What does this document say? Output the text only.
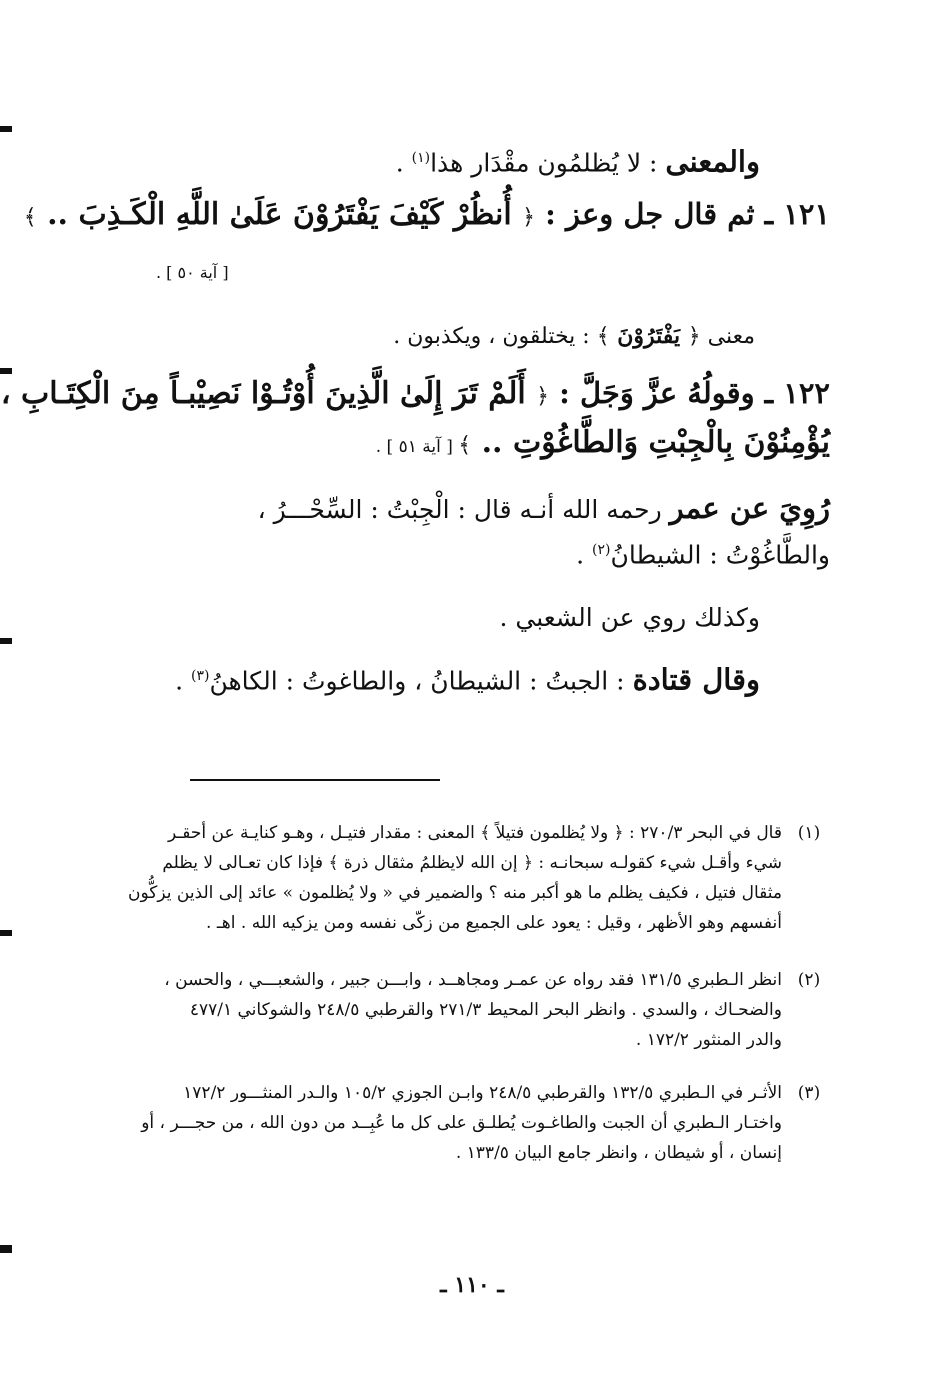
والمعنى : لا يُظلمُون مقْدَار هذا$^{(١)}$ .
١٢١ ـ ثم قال جل وعز : ﴿ أُنظُرْ كَيْفَ يَفْتَرُوْنَ عَلَىٰ اللَّهِ الْكَـذِبَ .. ﴾
[ آية ٥٠ ] .
معنى ﴿ يَفْتَرُوْنَ ﴾ : يختلقون ، ويكذبون .
١٢٢ ـ وقولُهُ عزَّ وَجَلَّ : ﴿ أَلَمْ تَرَ إِلَىٰ الَّذِينَ أُوْتُـوْا نَصِيْبـاً مِنَ الْكِتَـابِ ،
يُؤْمِنُوْنَ بِالْجِبْتِ وَالطَّاغُوْتِ .. ﴾ [ آية ٥١ ] .
رُوِيَ عن عمر رحمه الله أنـه قال : الْجِبْتُ : السِّحْـــرُ ،
والطَّاغُوْتُ : الشيطانُ$^{(٢)}$ .
وكذلك روي عن الشعبي .
وقال قتادة : الجبتُ : الشيطانُ ، والطاغوتُ : الكاهنُ$^{(٣)}$ .
(١)
قال في البحر ٢٧٠/٣ : ﴿ ولا يُظلمون فتيلاً ﴾ المعنى : مقدار فتيـل ، وهـو كنايـة عن أحقـر
شيء وأقـل شيء كقولـه سبحانـه : ﴿ إن الله لايظلمُ مثقال ذرة ﴾ فإذا كان تعـالى لا يظلم
مثقال فتيل ، فكيف يظلم ما هو أكبر منه ؟ والضمير في « ولا يُظلمون » عائد إلى الذين يزكُّون
أنفسهم وهو الأظهر ، وقيل : يعود على الجميع من زكّى نفسه ومن يزكيه الله . اهـ .
(٢)
انظر الـطبري ١٣١/٥ فقد رواه عن عمـر ومجاهــد ، وابـــن جبير ، والشعبـــي ، والحسن ،
والضحـاك ، والسدي . وانظر البحر المحيط ٢٧١/٣ والقرطبي ٢٤٨/٥ والشوكاني ٤٧٧/١
والدر المنثور ١٧٢/٢ .
(٣)
الأثـر في الـطبري ١٣٢/٥ والقرطبي ٢٤٨/٥ وابـن الجوزي ١٠٥/٢ والـدر المنثـــور ١٧٢/٢
واختـار الـطبري أن الجبت والطاغـوت يُطلـق على كل ما عُبِــد من دون الله ، من حجـــر ، أو
إنسان ، أو شيطان ، وانظر جامع البيان ١٣٣/٥ .
ـ ١١٠ ـ
